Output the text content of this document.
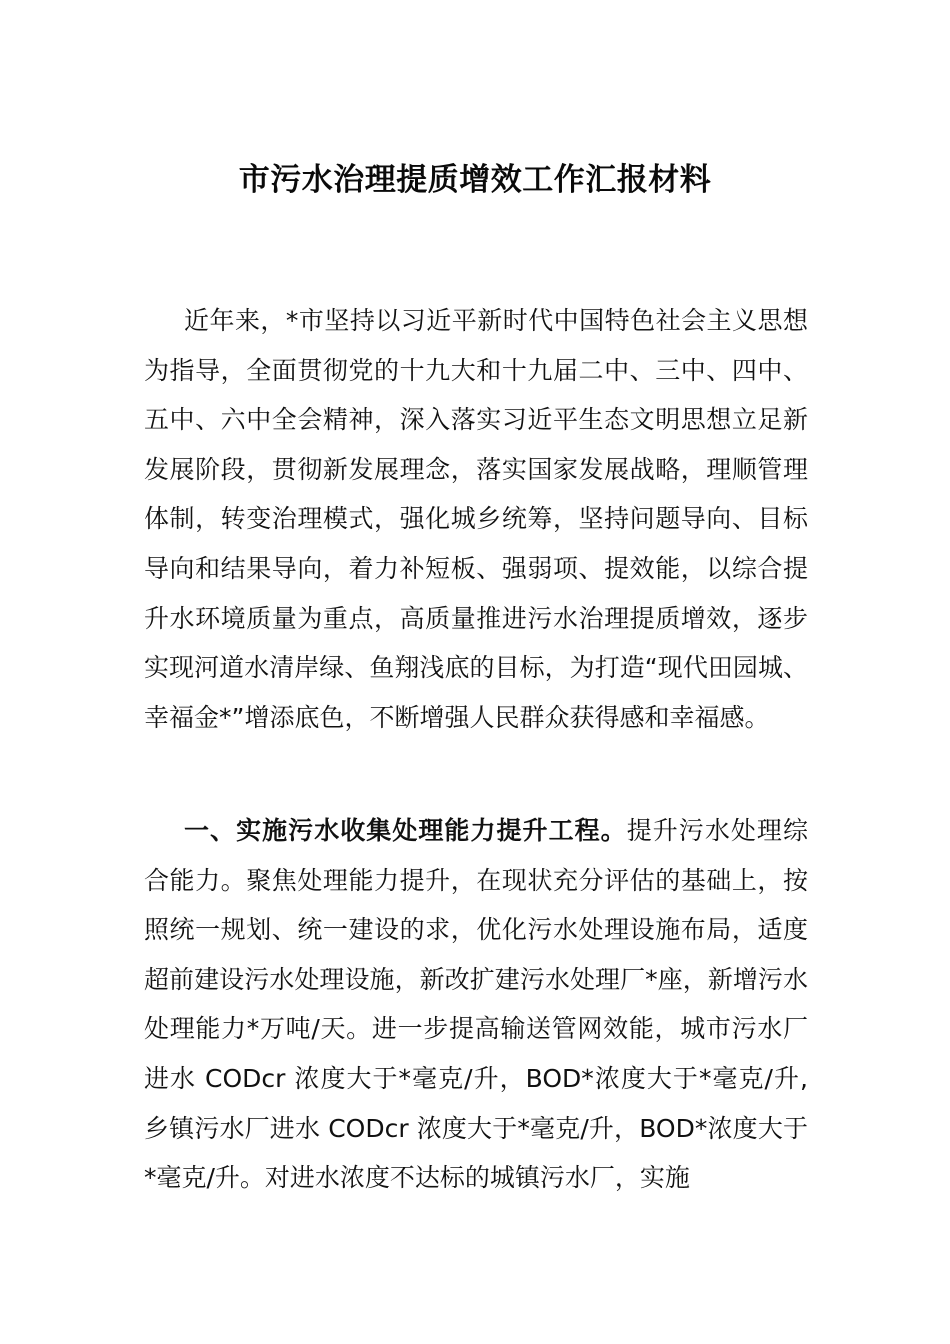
市污水治理提质增效工作汇报材料

近年来，*市坚持以习近平新时代中国特色社会主义思想为指导，全面贯彻党的十九大和十九届二中、三中、四中、五中、六中全会精神，深入落实习近平生态文明思想立足新发展阶段，贯彻新发展理念，落实国家发展战略，理顺管理体制，转变治理模式，强化城乡统筹，坚持问题导向、目标导向和结果导向，着力补短板、强弱项、提效能，以综合提升水环境质量为重点，高质量推进污水治理提质增效，逐步实现河道水清岸绿、鱼翔浅底的目标，为打造“现代田园城、幸福金*”增添底色，不断增强人民群众获得感和幸福感。

一、实施污水收集处理能力提升工程。提升污水处理综合能力。聚焦处理能力提升，在现状充分评估的基础上，按照统一规划、统一建设的求，优化污水处理设施布局，适度超前建设污水处理设施，新改扩建污水处理厂*座，新增污水处理能力*万吨/天。进一步提高输送管网效能，城市污水厂进水 CODcr 浓度大于*毫克/升，BOD*浓度大于*毫克/升,乡镇污水厂进水 CODcr 浓度大于*毫克/升，BOD*浓度大于*毫克/升。对进水浓度不达标的城镇污水厂，实施
